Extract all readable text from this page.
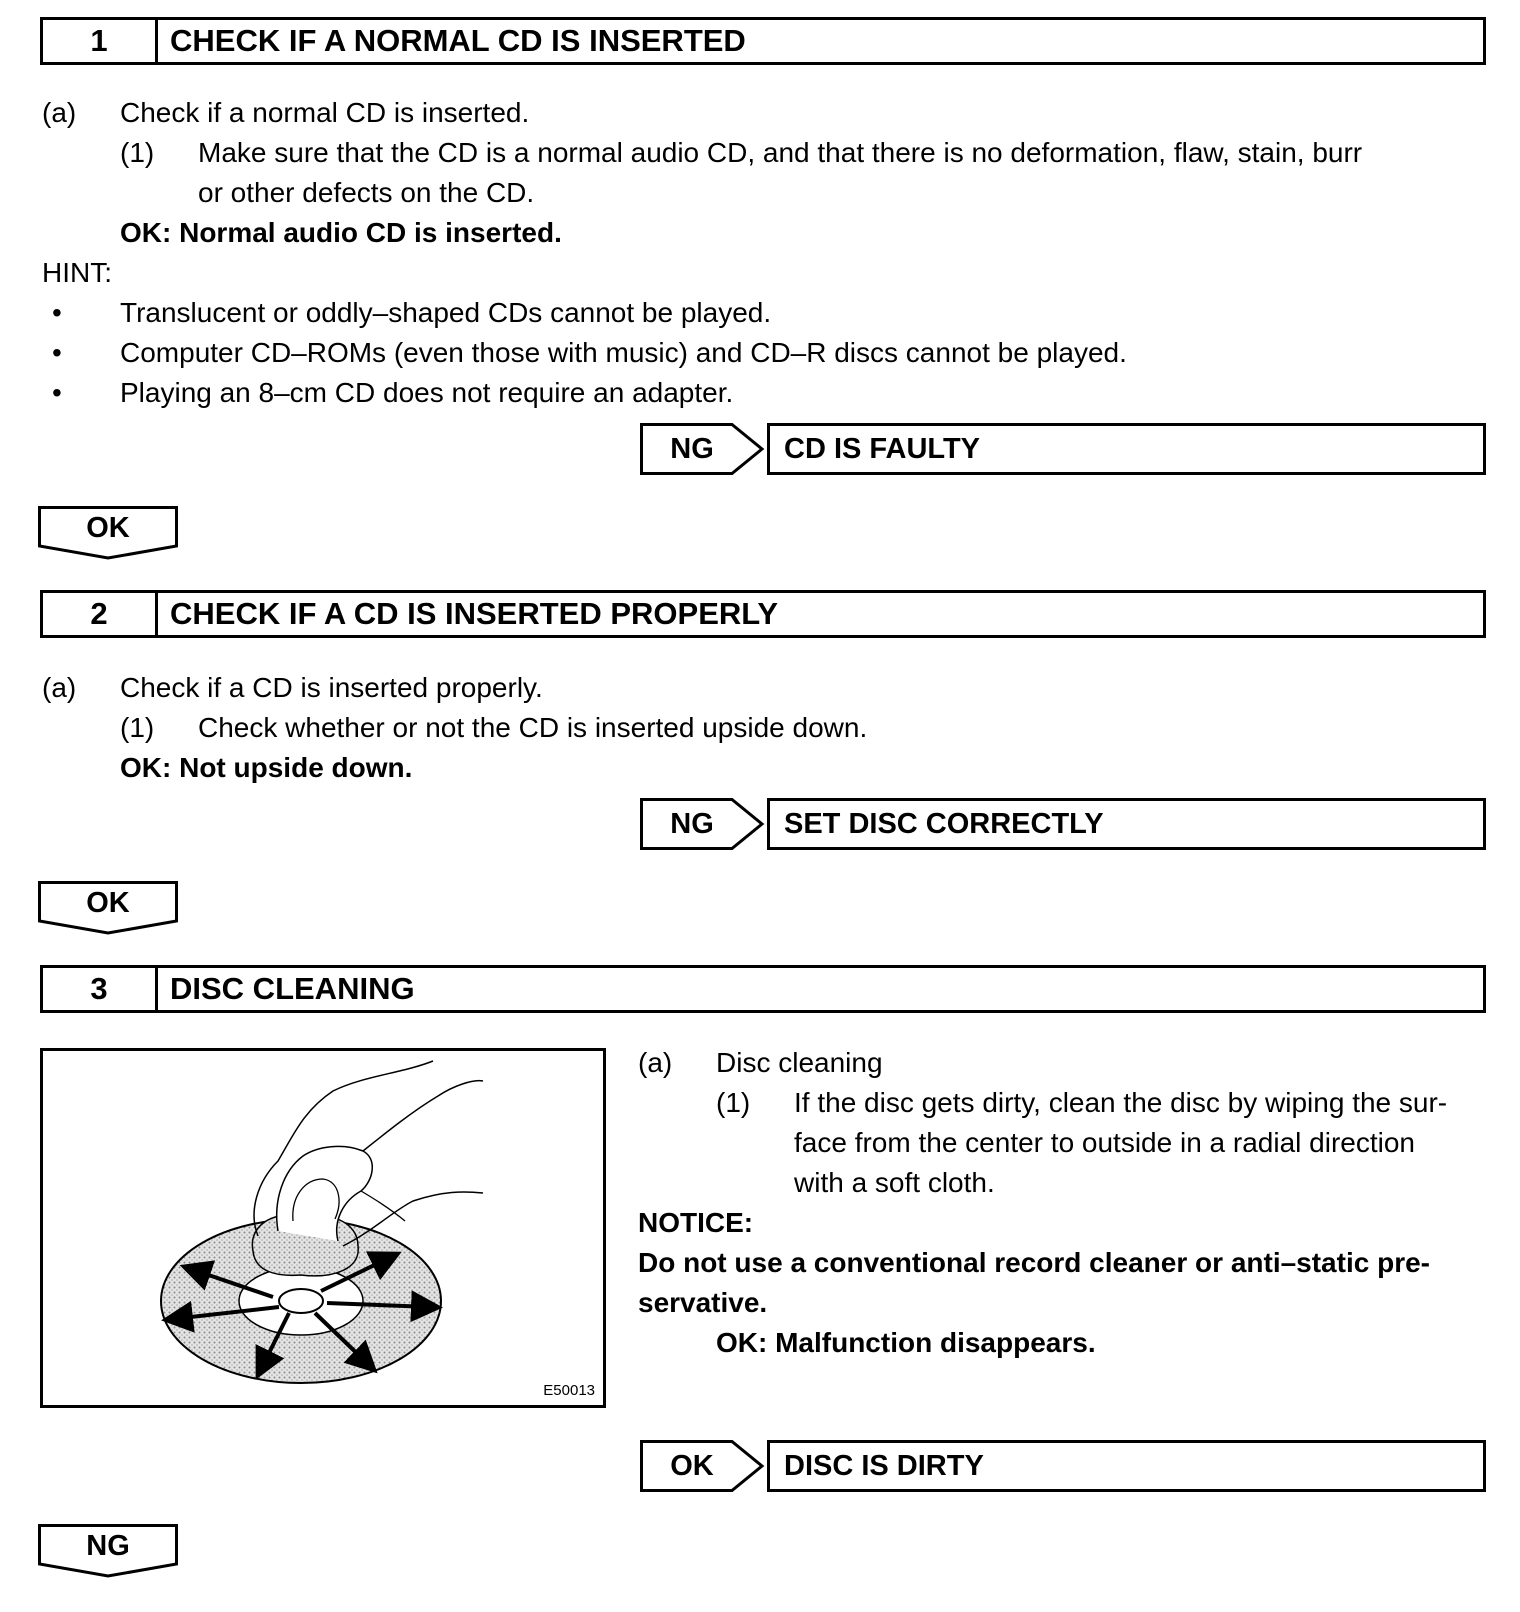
1	CHECK IF A NORMAL CD IS INSERTED
(a) Check if a normal CD is inserted.
(1) Make sure that the CD is a normal audio CD, and that there is no deformation, flaw, stain, burr
or other defects on the CD.
OK: Normal audio CD is inserted.
HINT:
• Translucent or oddly–shaped CDs cannot be played.
• Computer CD–ROMs (even those with music) and CD–R discs cannot be played.
• Playing an 8–cm CD does not require an adapter.
NG	CD IS FAULTY
OK
2	CHECK IF A CD IS INSERTED PROPERLY
(a) Check if a CD is inserted properly.
(1) Check whether or not the CD is inserted upside down.
OK: Not upside down.
NG	SET DISC CORRECTLY
OK
3	DISC CLEANING
E50013
(a) Disc cleaning
(1) If the disc gets dirty, clean the disc by wiping the sur-
face from the center to outside in a radial direction
with a soft cloth.
NOTICE:
Do not use a conventional record cleaner or anti–static pre-
servative.
OK: Malfunction disappears.
OK	DISC IS DIRTY
NG
